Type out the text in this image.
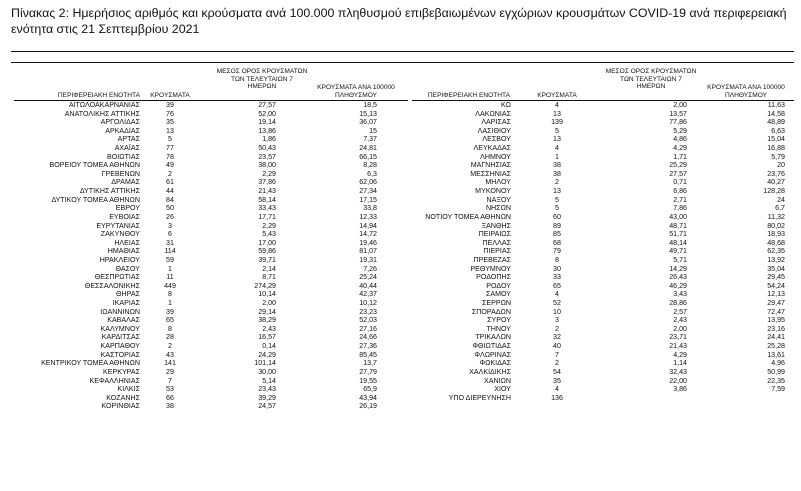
Πίνακας 2: Ημερήσιος αριθμός και κρούσματα ανά 100.000 πληθυσμού επιβεβαιωμένων εγχώριων κρουσμάτων COVID-19 ανά περιφερειακή ενότητα στις 21 Σεπτεμβρίου 2021
ΠΕΡΙΦΕΡΕΙΑΚΗ ΕΝΟΤΗΤΑ	ΚΡΟΥΣΜΑΤΑ
ΜΕΣΟΣ ΟΡΟΣ ΚΡΟΥΣΜΑΤΩΝ ΤΩΝ ΤΕΛΕΥΤΑΙΩΝ 7 ΗΜΕΡΩΝ	ΚΡΟΥΣΜΑΤΑ ΑΝΑ 100000 ΠΛΗΘΥΣΜΟΥ	ΠΕΡΙΦΕΡΕΙΑΚΗ ΕΝΟΤΗΤΑ	ΚΡΟΥΣΜΑΤΑ
ΜΕΣΟΣ ΟΡΟΣ ΚΡΟΥΣΜΑΤΩΝ ΤΩΝ ΤΕΛΕΥΤΑΙΩΝ 7 ΗΜΕΡΩΝ	ΚΡΟΥΣΜΑΤΑ ΑΝΑ 100000 ΠΛΗΘΥΣΜΟΥ
ΑΙΤΩΛΟΑΚΑΡΝΑΝΙΑΣ	39	27,57	18,5
ΑΝΑΤΟΛΙΚΗΣ ΑΤΤΙΚΗΣ	76	52,00	15,13
ΑΡΓΟΛΙΔΑΣ	35	19,14	36,07
ΑΡΚΑΔΙΑΣ	13	13,86	15
ΑΡΤΑΣ	5	1,86	7,37
ΑΧΑΪΑΣ	77	50,43	24,81
ΒΟΙΩΤΙΑΣ	78	23,57	66,15
ΒΟΡΕΙΟΥ ΤΟΜΕΑ ΑΘΗΝΩΝ	49	38,00	8,28
ΓΡΕΒΕΝΩΝ	2	2,29	6,3
ΔΡΑΜΑΣ	61	37,86	62,06
ΔΥΤΙΚΗΣ ΑΤΤΙΚΗΣ	44	21,43	27,34
ΔΥΤΙΚΟΥ ΤΟΜΕΑ ΑΘΗΝΩΝ	84	58,14	17,15
ΕΒΡΟΥ	50	33,43	33,8
ΕΥΒΟΙΑΣ	26	17,71	12,33
ΕΥΡΥΤΑΝΙΑΣ	3	2,29	14,94
ΖΑΚΥΝΘΟΥ	6	5,43	14,72
ΗΛΕΙΑΣ	31	17,00	19,46
ΗΜΑΘΙΑΣ	114	59,86	81,07
ΗΡΑΚΛΕΙΟΥ	59	39,71	19,31
ΘΑΣΟΥ	1	2,14	7,26
ΘΕΣΠΡΩΤΙΑΣ	11	8,71	25,24
ΘΕΣΣΑΛΟΝΙΚΗΣ	449	274,29	40,44
ΘΗΡΑΣ	8	10,14	42,37
ΙΚΑΡΙΑΣ	1	2,00	10,12
ΙΩΑΝΝΙΝΩΝ	39	29,14	23,23
ΚΑΒΑΛΑΣ	65	38,29	52,03
ΚΑΛΥΜΝΟΥ	8	2,43	27,16
ΚΑΡΔΙΤΣΑΣ	28	16,57	24,66
ΚΑΡΠΑΘΟΥ	2	0,14	27,36
ΚΑΣΤΟΡΙΑΣ	43	24,29	85,45
ΚΕΝΤΡΙΚΟΥ ΤΟΜΕΑ ΑΘΗΝΩΝ	141	101,14	13,7
ΚΕΡΚΥΡΑΣ	29	30,00	27,79
ΚΕΦΑΛΛΗΝΙΑΣ	7	5,14	19,55
ΚΙΛΚΙΣ	53	23,43	65,9
ΚΟΖΑΝΗΣ	66	39,29	43,94
ΚΟΡΙΝΘΙΑΣ	38	24,57	26,19
ΚΩ	4	2,00	11,63
ΛΑΚΩΝΙΑΣ	13	13,57	14,58
ΛΑΡΙΣΑΣ	139	77,86	48,89
ΛΑΣΙΘΙΟΥ	5	5,29	6,63
ΛΕΣΒΟΥ	13	4,86	15,04
ΛΕΥΚΑΔΑΣ	4	4,29	16,88
ΛΗΜΝΟΥ	1	1,71	5,79
ΜΑΓΝΗΣΙΑΣ	38	25,29	20
ΜΕΣΣΗΝΙΑΣ	38	27,57	23,76
ΜΗΛΟΥ	2	0,71	40,27
ΜΥΚΟΝΟΥ	13	6,86	128,28
ΝΑΞΟΥ	5	2,71	24
ΝΗΣΩΝ	5	7,86	6,7
ΝΟΤΙΟΥ ΤΟΜΕΑ ΑΘΗΝΩΝ	60	43,00	11,32
ΞΑΝΘΗΣ	89	48,71	80,02
ΠΕΙΡΑΙΩΣ	85	51,71	18,93
ΠΕΛΛΑΣ	68	48,14	48,68
ΠΙΕΡΙΑΣ	79	49,71	62,35
ΠΡΕΒΕΖΑΣ	8	5,71	13,92
ΡΕΘΥΜΝΟΥ	30	14,29	35,04
ΡΟΔΟΠΗΣ	33	26,43	29,45
ΡΟΔΟΥ	65	46,29	54,24
ΣΑΜΟΥ	4	3,43	12,13
ΣΕΡΡΩΝ	52	28,86	29,47
ΣΠΟΡΑΔΩΝ	10	2,57	72,47
ΣΥΡΟΥ	3	2,43	13,95
ΤΗΝΟΥ	2	2,00	23,16
ΤΡΙΚΑΛΩΝ	32	23,71	24,41
ΦΘΙΩΤΙΔΑΣ	40	21,43	25,28
ΦΛΩΡΙΝΑΣ	7	4,29	13,61
ΦΩΚΙΔΑΣ	2	1,14	4,96
ΧΑΛΚΙΔΙΚΗΣ	54	32,43	50,99
ΧΑΝΙΩΝ	35	22,00	22,35
ΧΙΟΥ	4	3,86	7,59
ΥΠΟ ΔΙΕΡΕΥΝΗΣΗ	136
